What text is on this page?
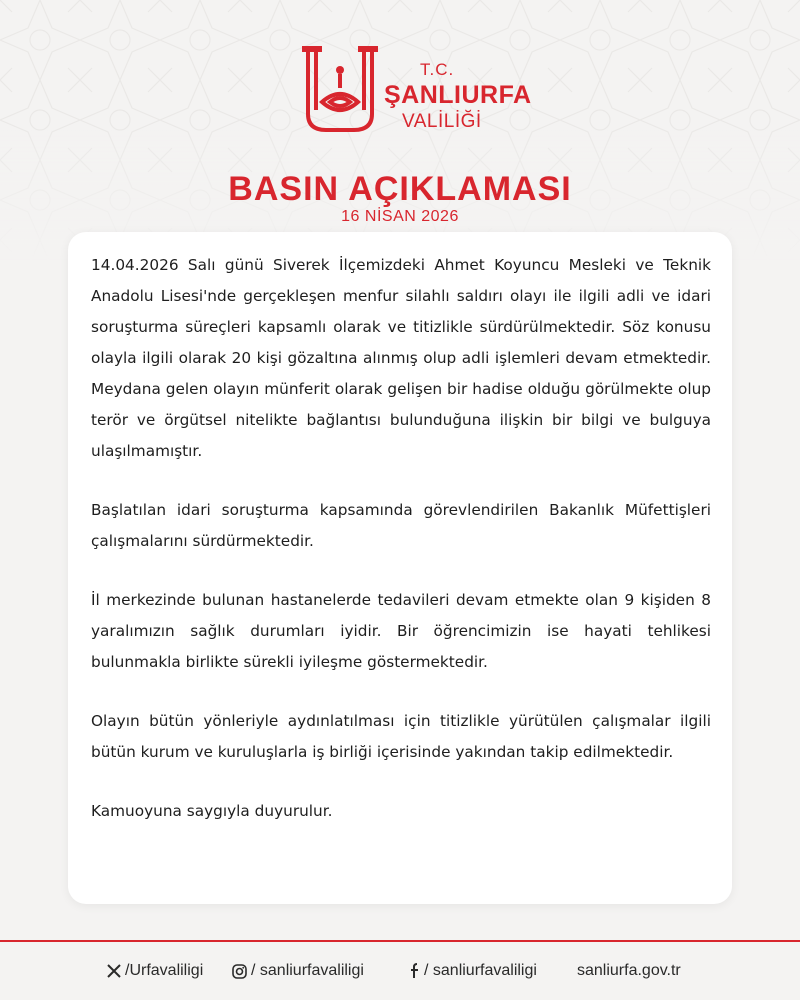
T.C.
ŞANLIURFA
VALİLİĞİ
BASIN AÇIKLAMASI
16 NİSAN 2026

14.04.2026 Salı günü Siverek İlçemizdeki Ahmet Koyuncu Mesleki ve Teknik Anadolu Lisesi'nde gerçekleşen menfur silahlı saldırı olayı ile ilgili adli ve idari soruşturma süreçleri kapsamlı olarak ve titizlikle sürdürülmektedir. Söz konusu olayla ilgili olarak 20 kişi gözaltına alınmış olup adli işlemleri devam etmektedir. Meydana gelen olayın münferit olarak gelişen bir hadise olduğu görülmekte olup terör ve örgütsel nitelikte bağlantısı bulunduğuna ilişkin bir bilgi ve bulguya ulaşılmamıştır.

Başlatılan idari soruşturma kapsamında görevlendirilen Bakanlık Müfettişleri çalışmalarını sürdürmektedir.

İl merkezinde bulunan hastanelerde tedavileri devam etmekte olan 9 kişiden 8 yaralımızın sağlık durumları iyidir. Bir öğrencimizin ise hayati tehlikesi bulunmakla birlikte sürekli iyileşme göstermektedir.

Olayın bütün yönleriyle aydınlatılması için titizlikle yürütülen çalışmalar ilgili bütün kurum ve kuruluşlarla iş birliği içerisinde yakından takip edilmektedir.

Kamuoyuna saygıyla duyurulur.

/Urfavaliligi	/ sanliurfavaliligi	/ sanliurfavaliligi	sanliurfa.gov.tr
